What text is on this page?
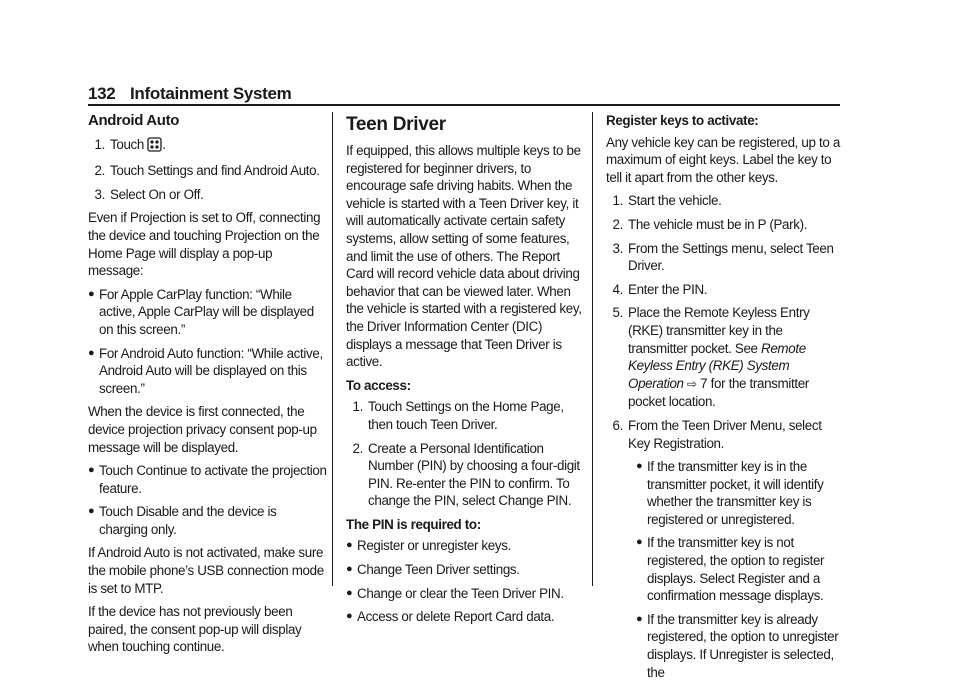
132 Infotainment System
Android Auto
1. Touch .
2. Touch Settings and find Android Auto.
3. Select On or Off.

Even if Projection is set to Off, connecting the device and touching Projection on the Home Page will display a pop-up message:

● For Apple CarPlay function: “While active, Apple CarPlay will be displayed on this screen.”
● For Android Auto function: “While active, Android Auto will be displayed on this screen.”

When the device is first connected, the device projection privacy consent pop-up message will be displayed.

● Touch Continue to activate the projection feature.
● Touch Disable and the device is charging only.

If Android Auto is not activated, make sure the mobile phone’s USB connection mode is set to MTP.

If the device has not previously been paired, the consent pop-up will display when touching continue.

Teen Driver

If equipped, this allows multiple keys to be registered for beginner drivers, to encourage safe driving habits. When the vehicle is started with a Teen Driver key, it will automatically activate certain safety systems, allow setting of some features, and limit the use of others. The Report Card will record vehicle data about driving behavior that can be viewed later. When the vehicle is started with a registered key, the Driver Information Center (DIC) displays a message that Teen Driver is active.

To access:

1. Touch Settings on the Home Page, then touch Teen Driver.
2. Create a Personal Identification Number (PIN) by choosing a four-digit PIN. Re-enter the PIN to confirm. To change the PIN, select Change PIN.

The PIN is required to:

● Register or unregister keys.
● Change Teen Driver settings.
● Change or clear the Teen Driver PIN.
● Access or delete Report Card data.

Register keys to activate:

Any vehicle key can be registered, up to a maximum of eight keys. Label the key to tell it apart from the other keys.

1. Start the vehicle.
2. The vehicle must be in P (Park).
3. From the Settings menu, select Teen Driver.
4. Enter the PIN.
5. Place the Remote Keyless Entry (RKE) transmitter key in the transmitter pocket. See Remote Keyless Entry (RKE) System Operation ⇨ 7 for the transmitter pocket location.
6. From the Teen Driver Menu, select Key Registration.
● If the transmitter key is in the transmitter pocket, it will identify whether the transmitter key is registered or unregistered.
● If the transmitter key is not registered, the option to register displays. Select Register and a confirmation message displays.
● If the transmitter key is already registered, the option to unregister displays. If Unregister is selected, the
